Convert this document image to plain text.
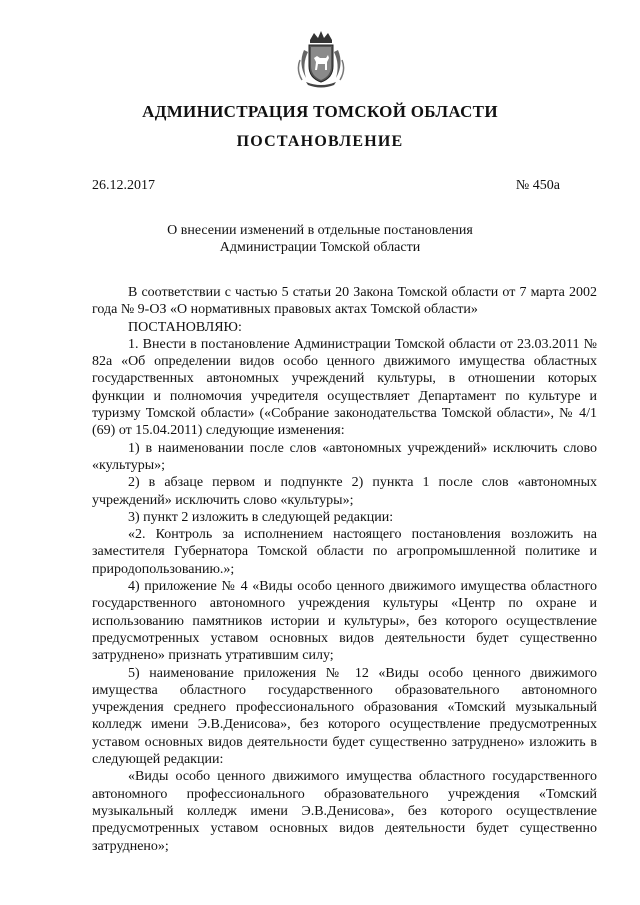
АДМИНИСТРАЦИЯ ТОМСКОЙ ОБЛАСТИ
ПОСТАНОВЛЕНИЕ
26.12.2017	№ 450а
О внесении изменений в отдельные постановления
Администрации Томской области

В соответствии с частью 5 статьи 20 Закона Томской области от 7 марта 2002 года № 9-ОЗ «О нормативных правовых актах Томской области»

ПОСТАНОВЛЯЮ:

1. Внести в постановление Администрации Томской области от 23.03.2011 № 82а «Об определении видов особо ценного движимого имущества областных государственных автономных учреждений культуры, в отношении которых функции и полномочия учредителя осуществляет Департамент по культуре и туризму Томской области» («Собрание законодательства Томской области», № 4/1 (69) от 15.04.2011) следующие изменения:

1) в наименовании после слов «автономных учреждений» исключить слово «культуры»;

2) в абзаце первом и подпункте 2) пункта 1 после слов «автономных учреждений» исключить слово «культуры»;

3) пункт 2 изложить в следующей редакции:

«2. Контроль за исполнением настоящего постановления возложить на заместителя Губернатора Томской области по агропромышленной политике и природопользованию.»;

4) приложение № 4 «Виды особо ценного движимого имущества областного государственного автономного учреждения культуры «Центр по охране и использованию памятников истории и культуры», без которого осуществление предусмотренных уставом основных видов деятельности будет существенно затруднено» признать утратившим силу;

5) наименование приложения № 12 «Виды особо ценного движимого имущества областного государственного образовательного автономного учреждения среднего профессионального образования «Томский музыкальный колледж имени Э.В.Денисова», без которого осуществление предусмотренных уставом основных видов деятельности будет существенно затруднено» изложить в следующей редакции:

«Виды особо ценного движимого имущества областного государственного автономного профессионального образовательного учреждения «Томский музыкальный колледж имени Э.В.Денисова», без которого осуществление предусмотренных уставом основных видов деятельности будет существенно затруднено»;
